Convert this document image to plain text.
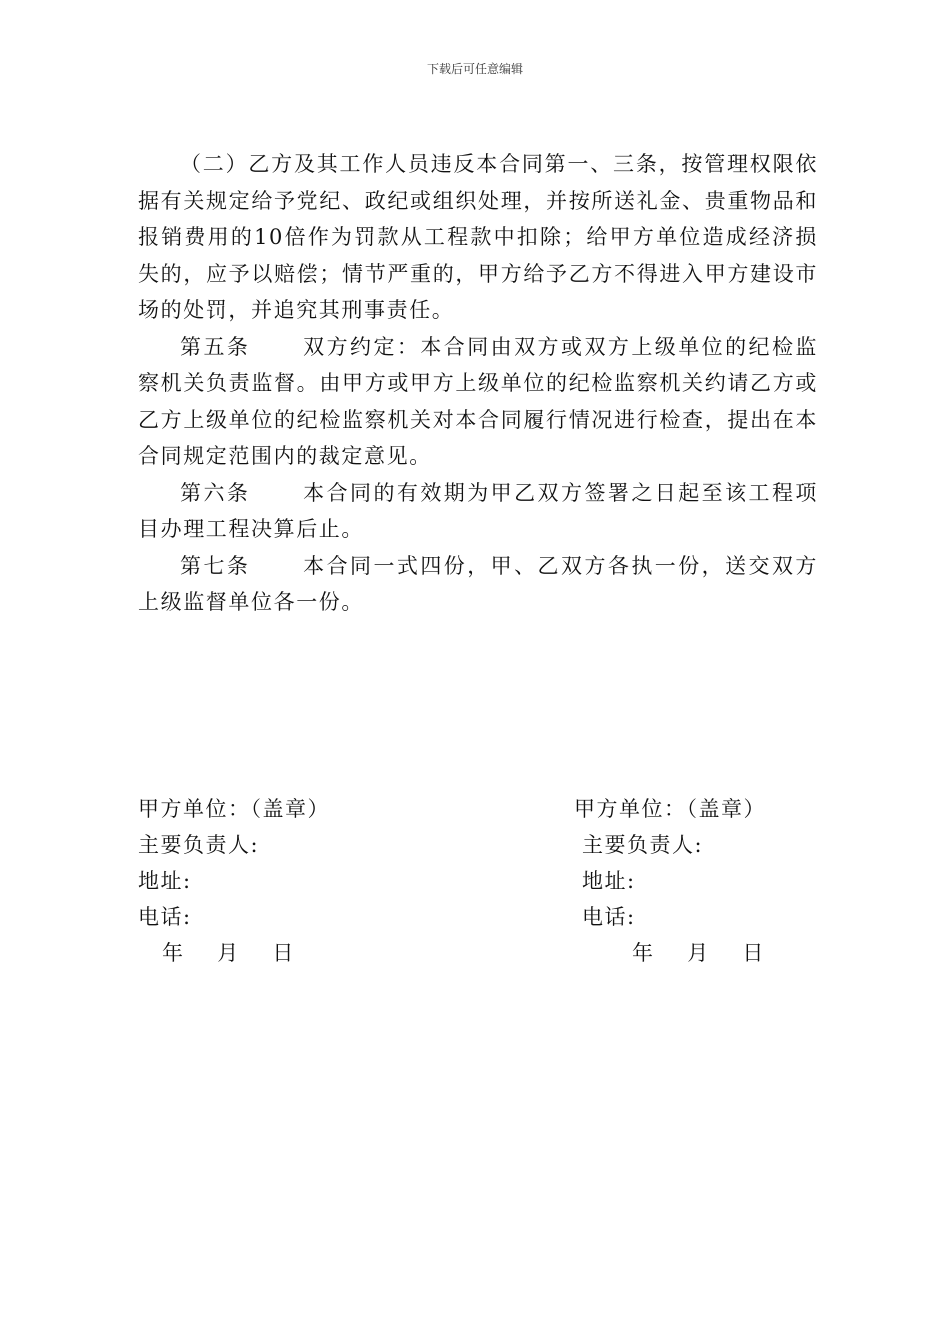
下载后可任意编辑

（二）乙方及其工作人员违反本合同第一、三条，按管理权限依据有关规定给予党纪、政纪或组织处理，并按所送礼金、贵重物品和报销费用的10倍作为罚款从工程款中扣除；给甲方单位造成经济损失的，应予以赔偿；情节严重的，甲方给予乙方不得进入甲方建设市场的处罚，并追究其刑事责任。

第五条 双方约定：本合同由双方或双方上级单位的纪检监察机关负责监督。由甲方或甲方上级单位的纪检监察机关约请乙方或乙方上级单位的纪检监察机关对本合同履行情况进行检查，提出在本合同规定范围内的裁定意见。

第六条 本合同的有效期为甲乙双方签署之日起至该工程项目办理工程决算后止。

第七条 本合同一式四份，甲、乙双方各执一份，送交双方上级监督单位各一份。

甲方单位：（盖章）
主要负责人:
地址:
电话:
年    月    日
甲方单位：（盖章）
主要负责人:
地址:
电话:
年    月    日
